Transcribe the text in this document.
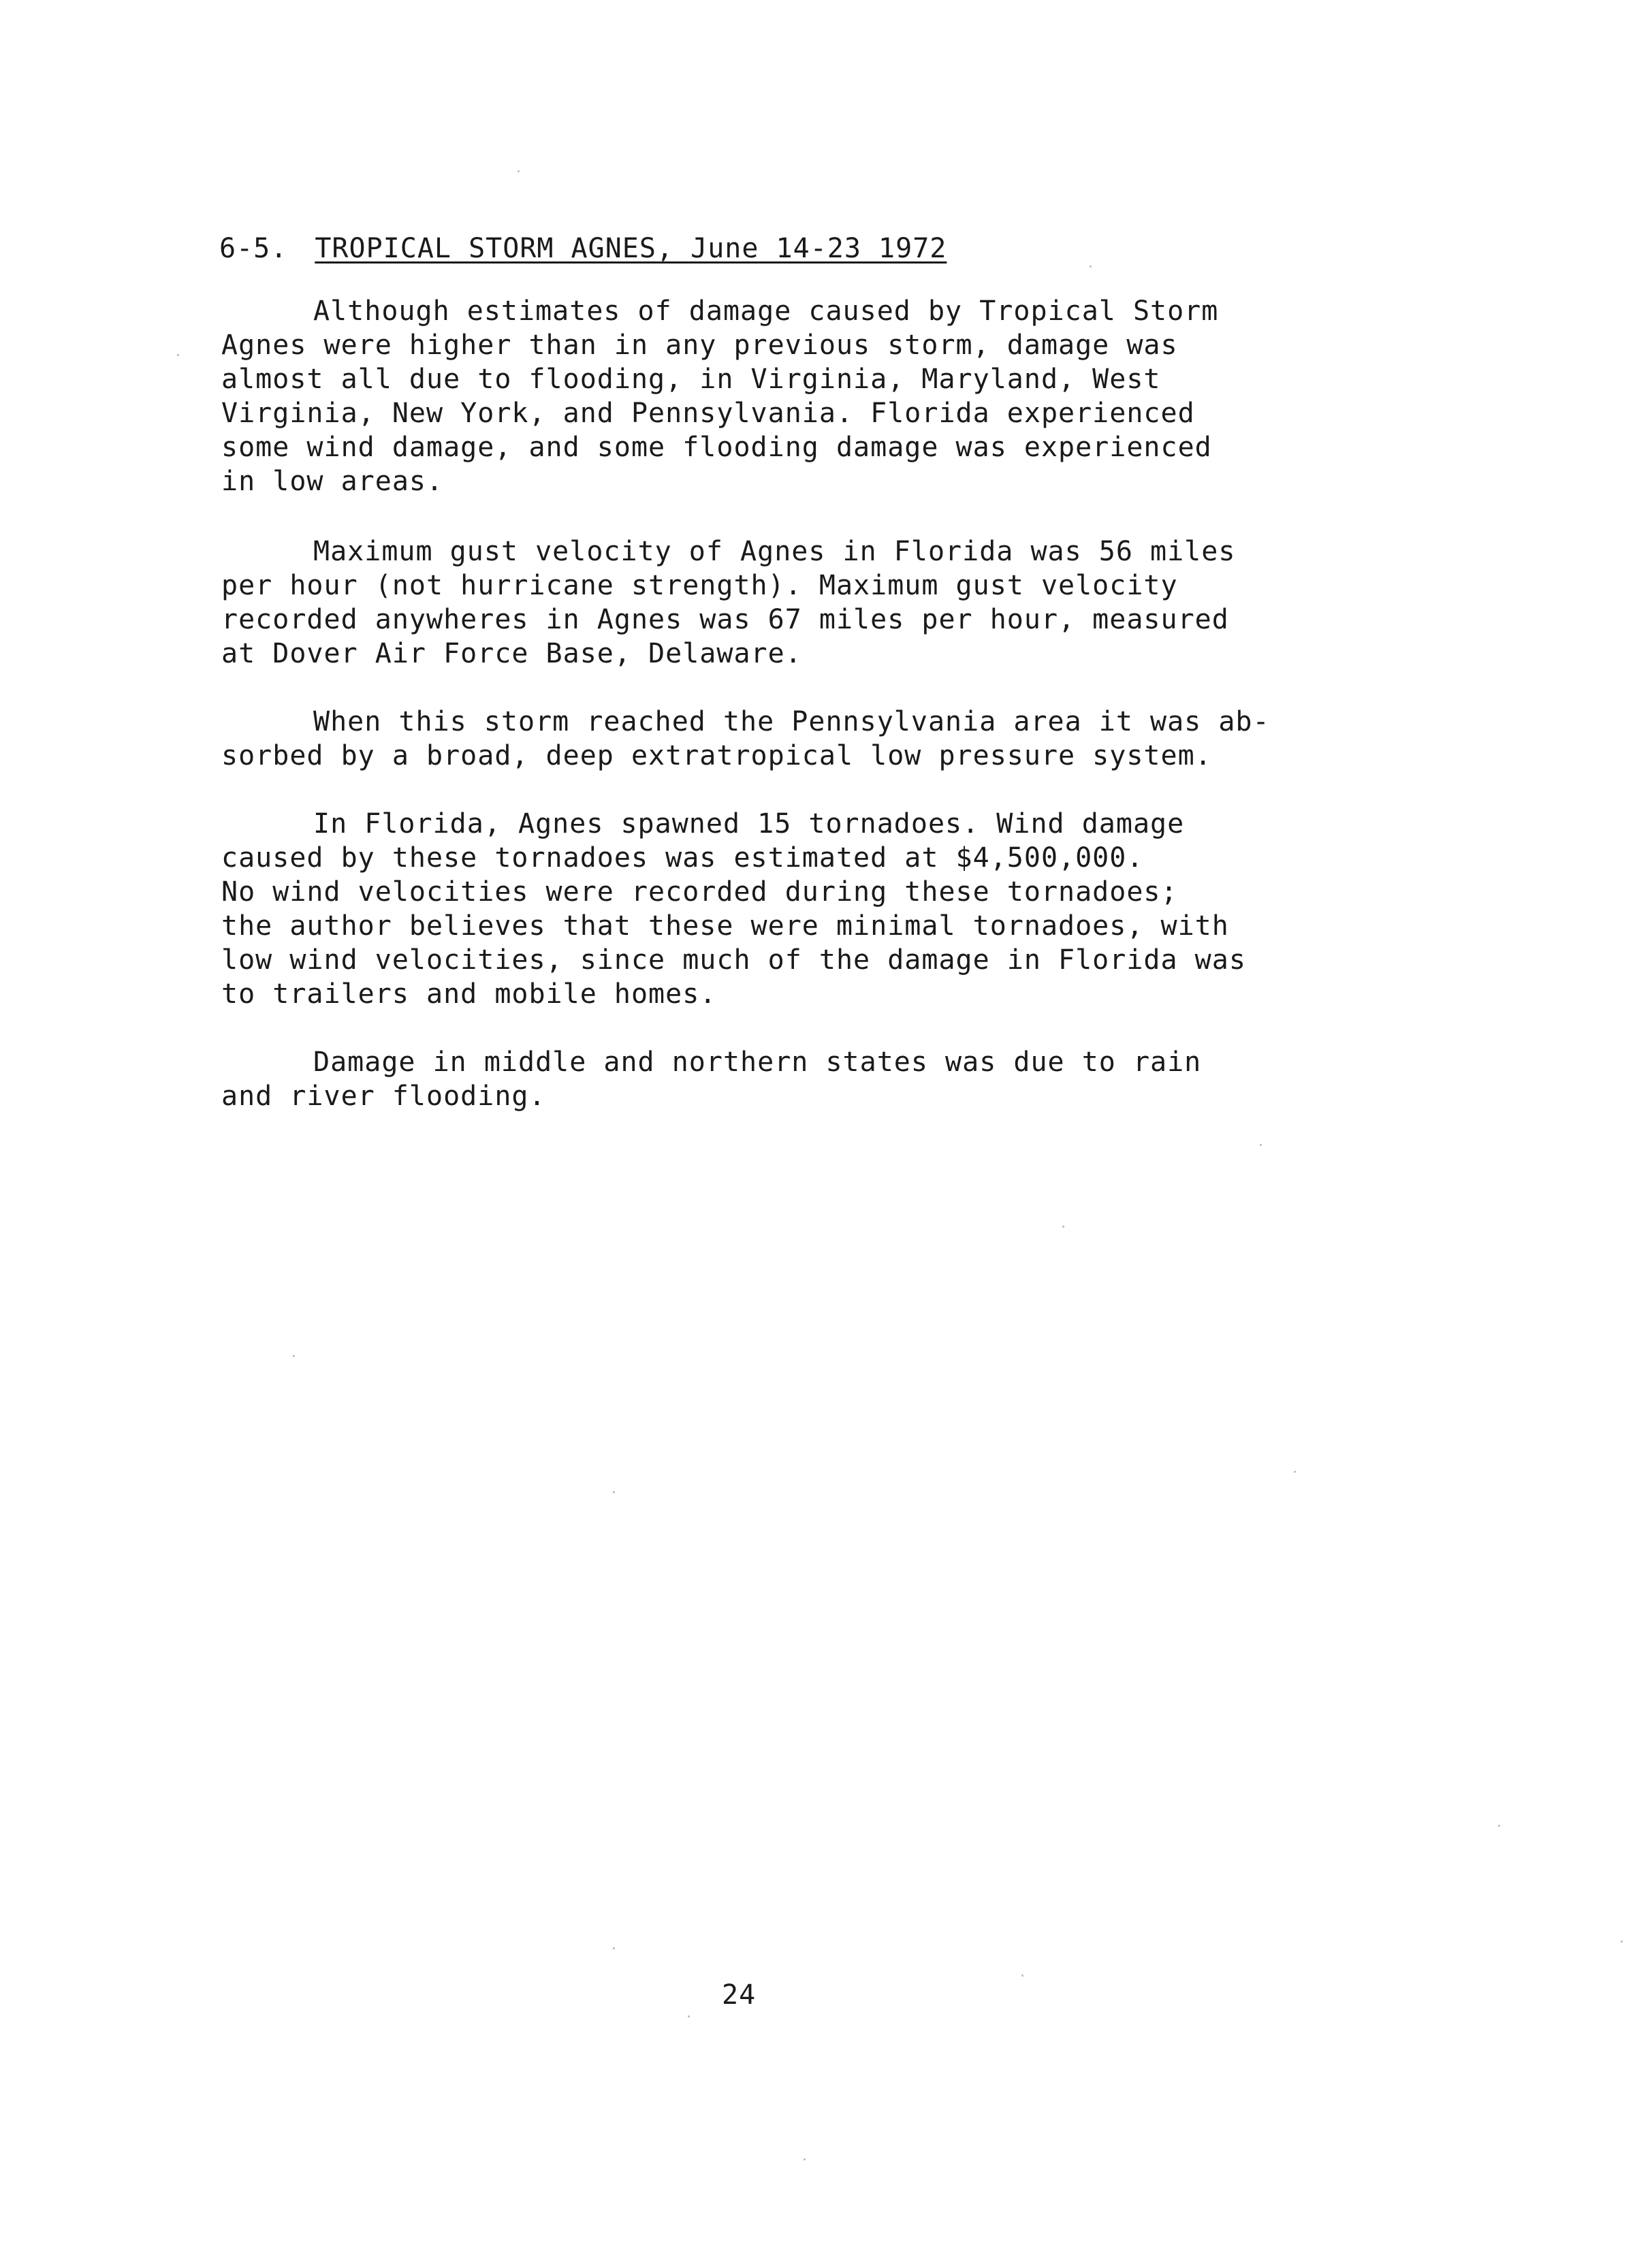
6-5. TROPICAL STORM AGNES, June 14-23 1972

Although estimates of damage caused by Tropical Storm
Agnes were higher than in any previous storm, damage was
almost all due to flooding, in Virginia, Maryland, West
Virginia, New York, and Pennsylvania. Florida experienced
some wind damage, and some flooding damage was experienced
in low areas.

Maximum gust velocity of Agnes in Florida was 56 miles
per hour (not hurricane strength). Maximum gust velocity
recorded anywheres in Agnes was 67 miles per hour, measured
at Dover Air Force Base, Delaware.

When this storm reached the Pennsylvania area it was ab-
sorbed by a broad, deep extratropical low pressure system.

In Florida, Agnes spawned 15 tornadoes. Wind damage
caused by these tornadoes was estimated at $4,500,000.
No wind velocities were recorded during these tornadoes;
the author believes that these were minimal tornadoes, with
low wind velocities, since much of the damage in Florida was
to trailers and mobile homes.

Damage in middle and northern states was due to rain
and river flooding.

24
